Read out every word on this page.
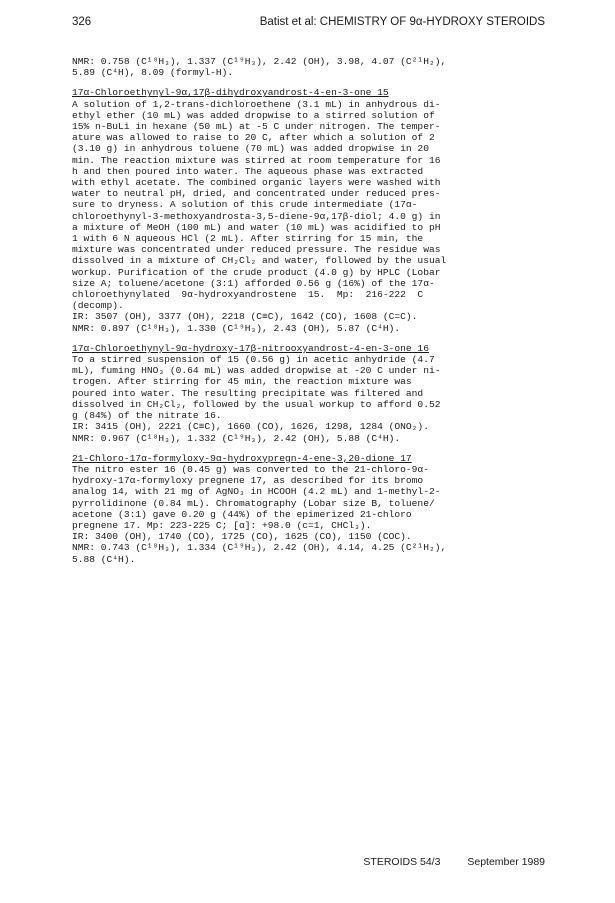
326	Batist et al: CHEMISTRY OF 9α-HYDROXY STEROIDS
NMR: 0.758 (C¹⁸H₃), 1.337 (C¹⁹H₃), 2.42 (OH), 3.98, 4.07 (C²¹H₂),
5.89 (C⁴H), 8.09 (formyl-H).
17α-Chloroethynyl-9α,17β-dihydroxyandrost-4-en-3-one 15
A solution of 1,2-trans-dichloroethene (3.1 mL) in anhydrous di-
ethyl ether (10 mL) was added dropwise to a stirred solution of
15% n-BuLi in hexane (50 mL) at -5 C under nitrogen. The temper-
ature was allowed to raise to 20 C, after which a solution of 2
(3.10 g) in anhydrous toluene (70 mL) was added dropwise in 20
min. The reaction mixture was stirred at room temperature for 16
h and then poured into water. The aqueous phase was extracted
with ethyl acetate. The combined organic layers were washed with
water to neutral pH, dried, and concentrated under reduced pres-
sure to dryness. A solution of this crude intermediate (17α-
chloroethynyl-3-methoxyandrosta-3,5-diene-9α,17β-diol; 4.0 g) in
a mixture of MeOH (100 mL) and water (10 mL) was acidified to pH
1 with 6 N aqueous HCl (2 mL). After stirring for 15 min, the
mixture was concentrated under reduced pressure. The residue was
dissolved in a mixture of CH₂Cl₂ and water, followed by the usual
workup. Purification of the crude product (4.0 g) by HPLC (Lobar
size A; toluene/acetone (3:1) afforded 0.56 g (16%) of the 17α-
chloroethynylated  9α-hydroxyandrostene  15.  Mp:  216-222  C
(decomp).
IR: 3507 (OH), 3377 (OH), 2218 (C≡C), 1642 (CO), 1608 (C=C).
NMR: 0.897 (C¹⁸H₃), 1.330 (C¹⁹H₃), 2.43 (OH), 5.87 (C⁴H).
17α-Chloroethynyl-9α-hydroxy-17β-nitrooxyandrost-4-en-3-one 16
To a stirred suspension of 15 (0.56 g) in acetic anhydride (4.7
mL), fuming HNO₃ (0.64 mL) was added dropwise at -20 C under ni-
trogen. After stirring for 45 min, the reaction mixture was
poured into water. The resulting precipitate was filtered and
dissolved in CH₂Cl₂, followed by the usual workup to afford 0.52
g (84%) of the nitrate 16.
IR: 3415 (OH), 2221 (C≡C), 1660 (CO), 1626, 1298, 1284 (ONO₂).
NMR: 0.967 (C¹⁸H₃), 1.332 (C¹⁹H₃), 2.42 (OH), 5.88 (C⁴H).
21-Chloro-17α-formyloxy-9α-hydroxypregn-4-ene-3,20-dione 17
The nitro ester 16 (0.45 g) was converted to the 21-chloro-9α-
hydroxy-17α-formyloxy pregnene 17, as described for its bromo
analog 14, with 21 mg of AgNO₃ in HCOOH (4.2 mL) and 1-methyl-2-
pyrrolidinone (0.84 mL). Chromatography (Lobar size B, toluene/
acetone (3:1) gave 0.20 g (44%) of the epimerized 21-chloro
pregnene 17. Mp: 223-225 C; [α]: +98.0 (c=1, CHCl₃).
IR: 3400 (OH), 1740 (CO), 1725 (CO), 1625 (CO), 1150 (COC).
NMR: 0.743 (C¹⁸H₃), 1.334 (C¹⁹H₃), 2.42 (OH), 4.14, 4.25 (C²¹H₂),
5.88 (C⁴H).
STEROIDS 54/3	September 1989
